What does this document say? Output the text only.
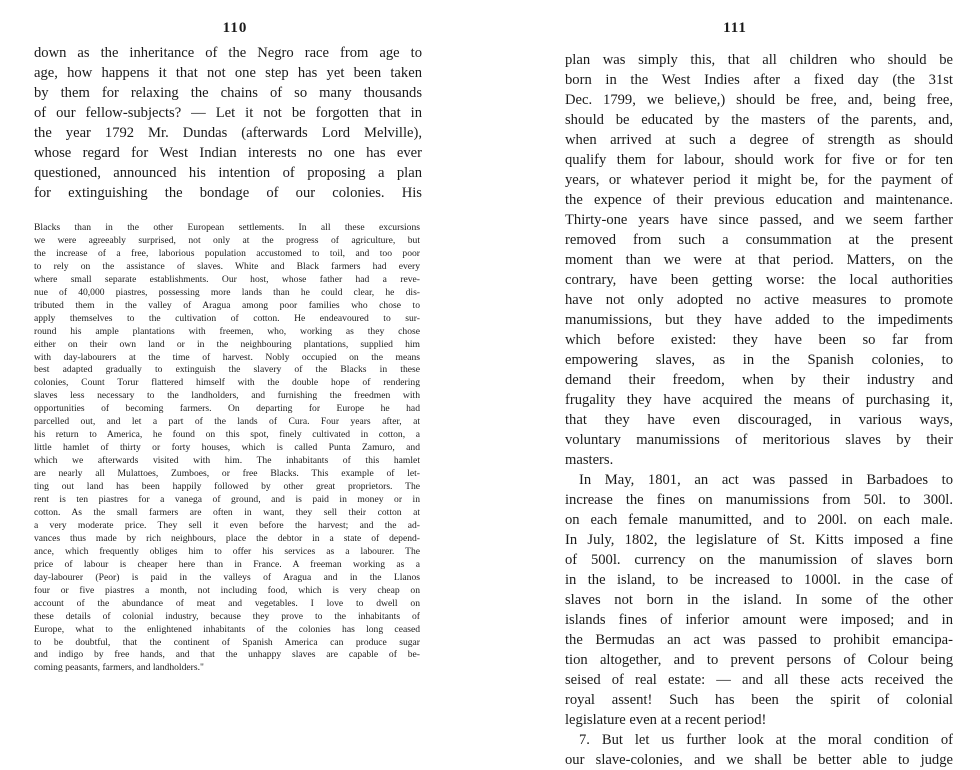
110
down as the inheritance of the Negro race from age to
age, how happens it that not one step has yet been taken
by them for relaxing the chains of so many thousands
of our fellow-subjects? — Let it not be forgotten that in
the year 1792 Mr. Dundas (afterwards Lord Melville),
whose regard for West Indian interests no one has ever
questioned, announced his intention of proposing a plan
for extinguishing the bondage of our colonies. His
Blacks than in the other European settlements. In all these excursions
we were agreeably surprised, not only at the progress of agriculture, but
the increase of a free, laborious population accustomed to toil, and too poor
to rely on the assistance of slaves. White and Black farmers had every
where small separate establishments. Our host, whose father had a reve-
nue of 40,000 piastres, possessing more lands than he could clear, he dis-
tributed them in the valley of Aragua among poor families who chose to
apply themselves to the cultivation of cotton. He endeavoured to sur-
round his ample plantations with freemen, who, working as they chose
either on their own land or in the neighbouring plantations, supplied him
with day-labourers at the time of harvest. Nobly occupied on the means
best adapted gradually to extinguish the slavery of the Blacks in these
colonies, Count Torur flattered himself with the double hope of rendering
slaves less necessary to the landholders, and furnishing the freedmen with
opportunities of becoming farmers. On departing for Europe he had
parcelled out, and let a part of the lands of Cura. Four years after, at
his return to America, he found on this spot, finely cultivated in cotton, a
little hamlet of thirty or forty houses, which is called Punta Zamuro, and
which we afterwards visited with him. The inhabitants of this hamlet
are nearly all Mulattoes, Zumboes, or free Blacks. This example of let-
ting out land has been happily followed by other great proprietors. The
rent is ten piastres for a vanega of ground, and is paid in money or in
cotton. As the small farmers are often in want, they sell their cotton at
a very moderate price. They sell it even before the harvest; and the ad-
vances thus made by rich neighbours, place the debtor in a state of depend-
ance, which frequently obliges him to offer his services as a labourer. The
price of labour is cheaper here than in France. A freeman working as a
day-labourer (Peor) is paid in the valleys of Aragua and in the Llanos
four or five piastres a month, not including food, which is very cheap on
account of the abundance of meat and vegetables. I love to dwell on
these details of colonial industry, because they prove to the inhabitants of
Europe, what to the enlightened inhabitants of the colonies has long ceased
to be doubtful, that the continent of Spanish America can produce sugar
and indigo by free hands, and that the unhappy slaves are capable of be-
coming peasants, farmers, and landholders."
111
plan was simply this, that all children who should be
born in the West Indies after a fixed day (the 31st
Dec. 1799, we believe,) should be free, and, being free,
should be educated by the masters of the parents, and,
when arrived at such a degree of strength as should
qualify them for labour, should work for five or for ten
years, or whatever period it might be, for the payment of
the expence of their previous education and maintenance.
Thirty-one years have since passed, and we seem farther
removed from such a consummation at the present
moment than we were at that period. Matters, on the
contrary, have been getting worse: the local authorities
have not only adopted no active measures to promote
manumissions, but they have added to the impediments
which before existed: they have been so far from
empowering slaves, as in the Spanish colonies, to
demand their freedom, when by their industry and
frugality they have acquired the means of purchasing it,
that they have even discouraged, in various ways,
voluntary manumissions of meritorious slaves by their
masters.
In May, 1801, an act was passed in Barbadoes to
increase the fines on manumissions from 50l. to 300l.
on each female manumitted, and to 200l. on each male.
In July, 1802, the legislature of St. Kitts imposed a fine
of 500l. currency on the manumission of slaves born
in the island, to be increased to 1000l. in the case of
slaves not born in the island. In some of the other
islands fines of inferior amount were imposed; and in
the Bermudas an act was passed to prohibit emancipa-
tion altogether, and to prevent persons of Colour being
seised of real estate: — and all these acts received the
royal assent! Such has been the spirit of colonial
legislature even at a recent period!
7. But let us further look at the moral condition of
our slave-colonies, and we shall be better able to judge
